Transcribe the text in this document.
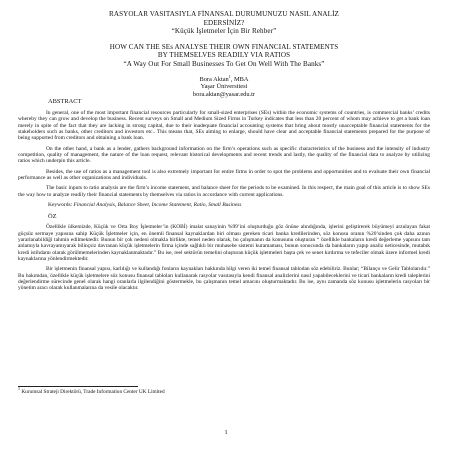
RASYOLAR VASITASIYLA FİNANSAL DURUMUNUZU NASIL ANALİZ
EDERSİNİZ?
“Küçük İşletmeler İçin Bir Rehber”
HOW CAN THE SEs ANALYSE THEIR OWN FINANCIAL STATEMENTS
BY THEMSELVES READILY VIA RATIOS
“A Way Out For Small Businesses To Get On Well With The Banks”
Bora Aktan$^1$, MBA
Yaşar Üniversitesi
bora.aktan@yasar.edu.tr
ABSTRACT

In general, one of the most important financial resources particularly for small-sized enterprises (SEs) within the economic systems of countries, is commercial banks’ credits whereby they can grow and develop the business. Recent surveys on Small and Medium Sized Firms in Turkey indicates that less than 20 percent of whom may achieve to get a bank loan merely in spite of the fact that they are lacking in strong capital, due to their inadequate financial accounting systems that bring about mostly unacceptable financial statements for the stakeholders such as banks, other creditors and investors etc.. This means that, SEs aiming to enlarge, should have clear and acceptable financial statements prepared for the purpose of being supported from creditors and obtaining a bank loan.

On the other hand, a bank as a lender, gathers background information on the firm’s operations such as specific characteristics of the business and the intensity of industry competition, quality of management, the nature of the loan request, relevant historical developments and recent trends and lastly, the quality of the financial data to analyze by utilizing ratios which underpin this article.

Besides, the use of ratios as a management tool is also extremely important for entire firms in order to spot the problems and opportunities and to evaluate their own financial performance as well as other organizations and individuals.

The basic inputs to ratio analysis are the firm’s income statement, and balance sheet for the periods to be examined. In this respect, the main goal of this article is to show SEs the way how to analyze readily their financial statements by themselves via ratios in accordance with current applications.

Keywords: Financial Analysis, Balance Sheet, Income Statement, Ratio, Small Business
ÖZ

Özellikle ülkemizde, Küçük ve Orta Boy İşletmeler’in (KOBİ) imalat sanayinin %99’ini oluşturduğu göz önüne alındığında, işlerini geliştirerek büyümeyi arzulayan fakat güçsüz sermaye yapısına sahip Küçük İşletmeler için, en önemli finansal kaynaklardan biri olması gereken ticari banka kredilerinden, söz konusu oranın %20’sinden çok daha azının yararlanabildiği tahmin edilmektedir. Bunun bir çok nedeni olmakla birlikte, temel neden olarak, bu çalışmanın da konusunu oluşturan “ özellikle bankaların kredi değerleme yapısını tam anlamıyla kavrayamıyarak bilinçsiz davranan küçük işletmelerin firma içinde sağlıklı bir muhasebe sistemi kuramaması, bunun sonucunda da bankaların yapıp analiz neticesinde, mutabık kredi istihdamı olarak görülmemelerinden kaynaklanmaktadır.” Bu ise, reel sektörün temelini oluşturan küçük işletmeleri başta çek ve senet kırdırma ve tefeciler olmak üzere informel kredi kaynaklarına yönlendirmektedir.

Bir işletmenin finansal yapısı, karlılığı ve kullandığı fonların kaynakları hakkında bilgi veren iki temel finansal tablodan söz edebiliriz. Bunlar; “Bilanço ve Gelir Tablolarıdır.” Bu bakımdan, özellikle küçük işletmelere söz konusu finansal tabloları kullanarak rasyolar vasıtasıyla kendi finansal analizlerini nasıl yapabileceklerini ve ticari bankaların kredi taleplerini değerlendirme sürecinde genel olarak hangi oranlarla ilgilendiğini göstermekle, bu çalışmanın temel amacını oluşturmaktadır. Bu ise, aynı zamanda söz konusu işletmelerin rasyoları bir yönetim aracı olarak kullanmalarına da vesile olacaktır.

$^1$ Kurumsal Strateji Direktörü, Trade Information Center UK Limited
1
